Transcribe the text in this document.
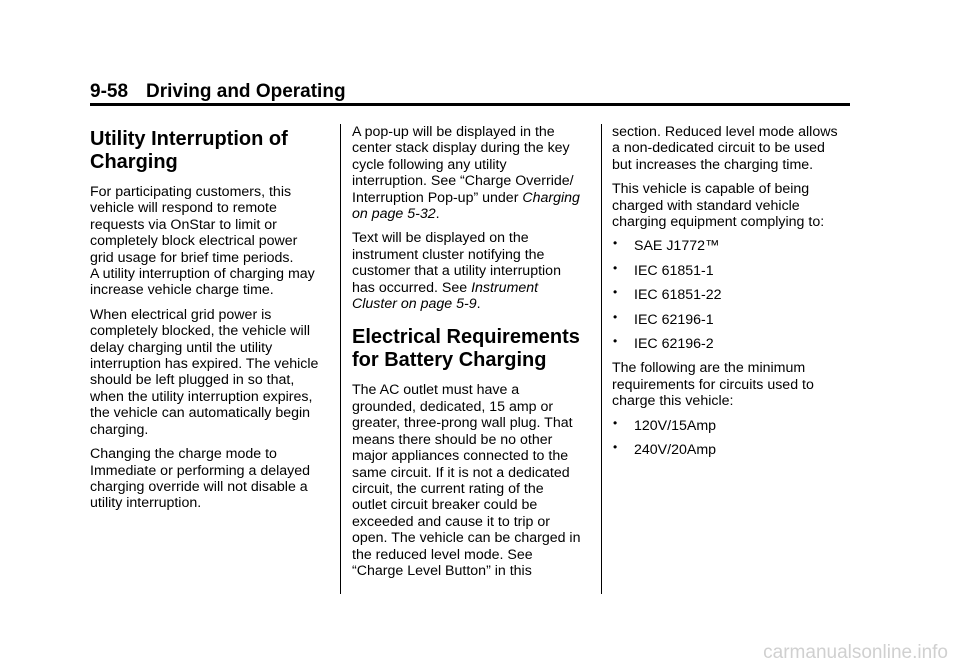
9-58 Driving and Operating
Utility Interruption of
Charging

For participating customers, this
vehicle will respond to remote
requests via OnStar to limit or
completely block electrical power
grid usage for brief time periods.
A utility interruption of charging may
increase vehicle charge time.

When electrical grid power is
completely blocked, the vehicle will
delay charging until the utility
interruption has expired. The vehicle
should be left plugged in so that,
when the utility interruption expires,
the vehicle can automatically begin
charging.

Changing the charge mode to
Immediate or performing a delayed
charging override will not disable a
utility interruption.

A pop-up will be displayed in the
center stack display during the key
cycle following any utility
interruption. See “Charge Override/
Interruption Pop-up” under Charging
on page 5-32.

Text will be displayed on the
instrument cluster notifying the
customer that a utility interruption
has occurred. See Instrument
Cluster on page 5-9.

Electrical Requirements
for Battery Charging

The AC outlet must have a
grounded, dedicated, 15 amp or
greater, three-prong wall plug. That
means there should be no other
major appliances connected to the
same circuit. If it is not a dedicated
circuit, the current rating of the
outlet circuit breaker could be
exceeded and cause it to trip or
open. The vehicle can be charged in
the reduced level mode. See
“Charge Level Button” in this

section. Reduced level mode allows
a non-dedicated circuit to be used
but increases the charging time.

This vehicle is capable of being
charged with standard vehicle
charging equipment complying to:

• SAE J1772™
• IEC 61851-1
• IEC 61851-22
• IEC 62196-1
• IEC 62196-2

The following are the minimum
requirements for circuits used to
charge this vehicle:

• 120V/15Amp
• 240V/20Amp
carmanualsonline.info
